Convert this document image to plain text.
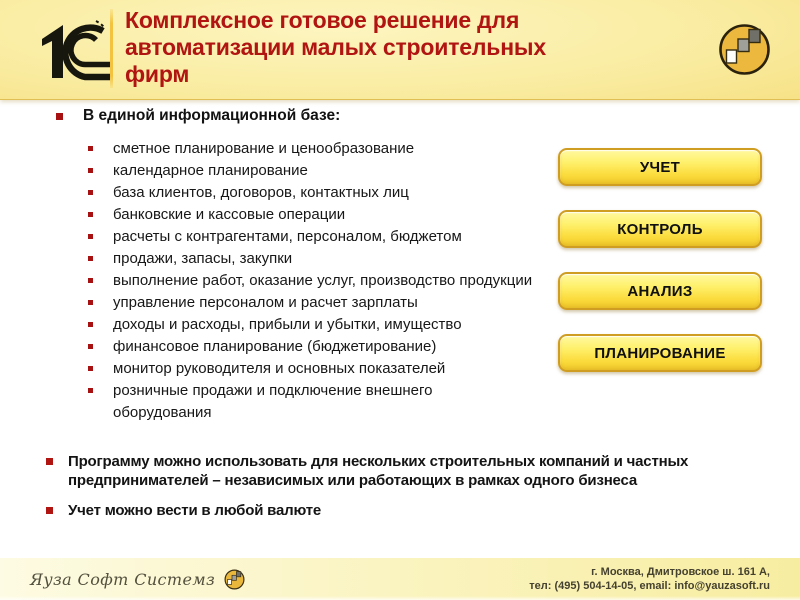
Комплексное готовое решение для
автоматизации малых строительных
фирм
В единой информационной базе:
сметное планирование и ценообразование
календарное планирование
база клиентов, договоров, контактных лиц
банковские и кассовые операции
расчеты с контрагентами, персоналом, бюджетом
продажи, запасы, закупки
выполнение работ, оказание услуг, производство продукции
управление персоналом и расчет зарплаты
доходы и расходы, прибыли и убытки, имущество
финансовое планирование (бюджетирование)
монитор руководителя и основных показателей
розничные продажи и подключение внешнего оборудования
УЧЕТ
КОНТРОЛЬ
АНАЛИЗ
ПЛАНИРОВАНИЕ
Программу можно использовать для нескольких строительных компаний и частных предпринимателей – независимых или работающих в рамках одного бизнеса
Учет можно вести в любой валюте
Яуза Софт Системз	г. Москва, Дмитровское ш. 161 А,
тел: (495) 504-14-05, email: info@yauzasoft.ru
